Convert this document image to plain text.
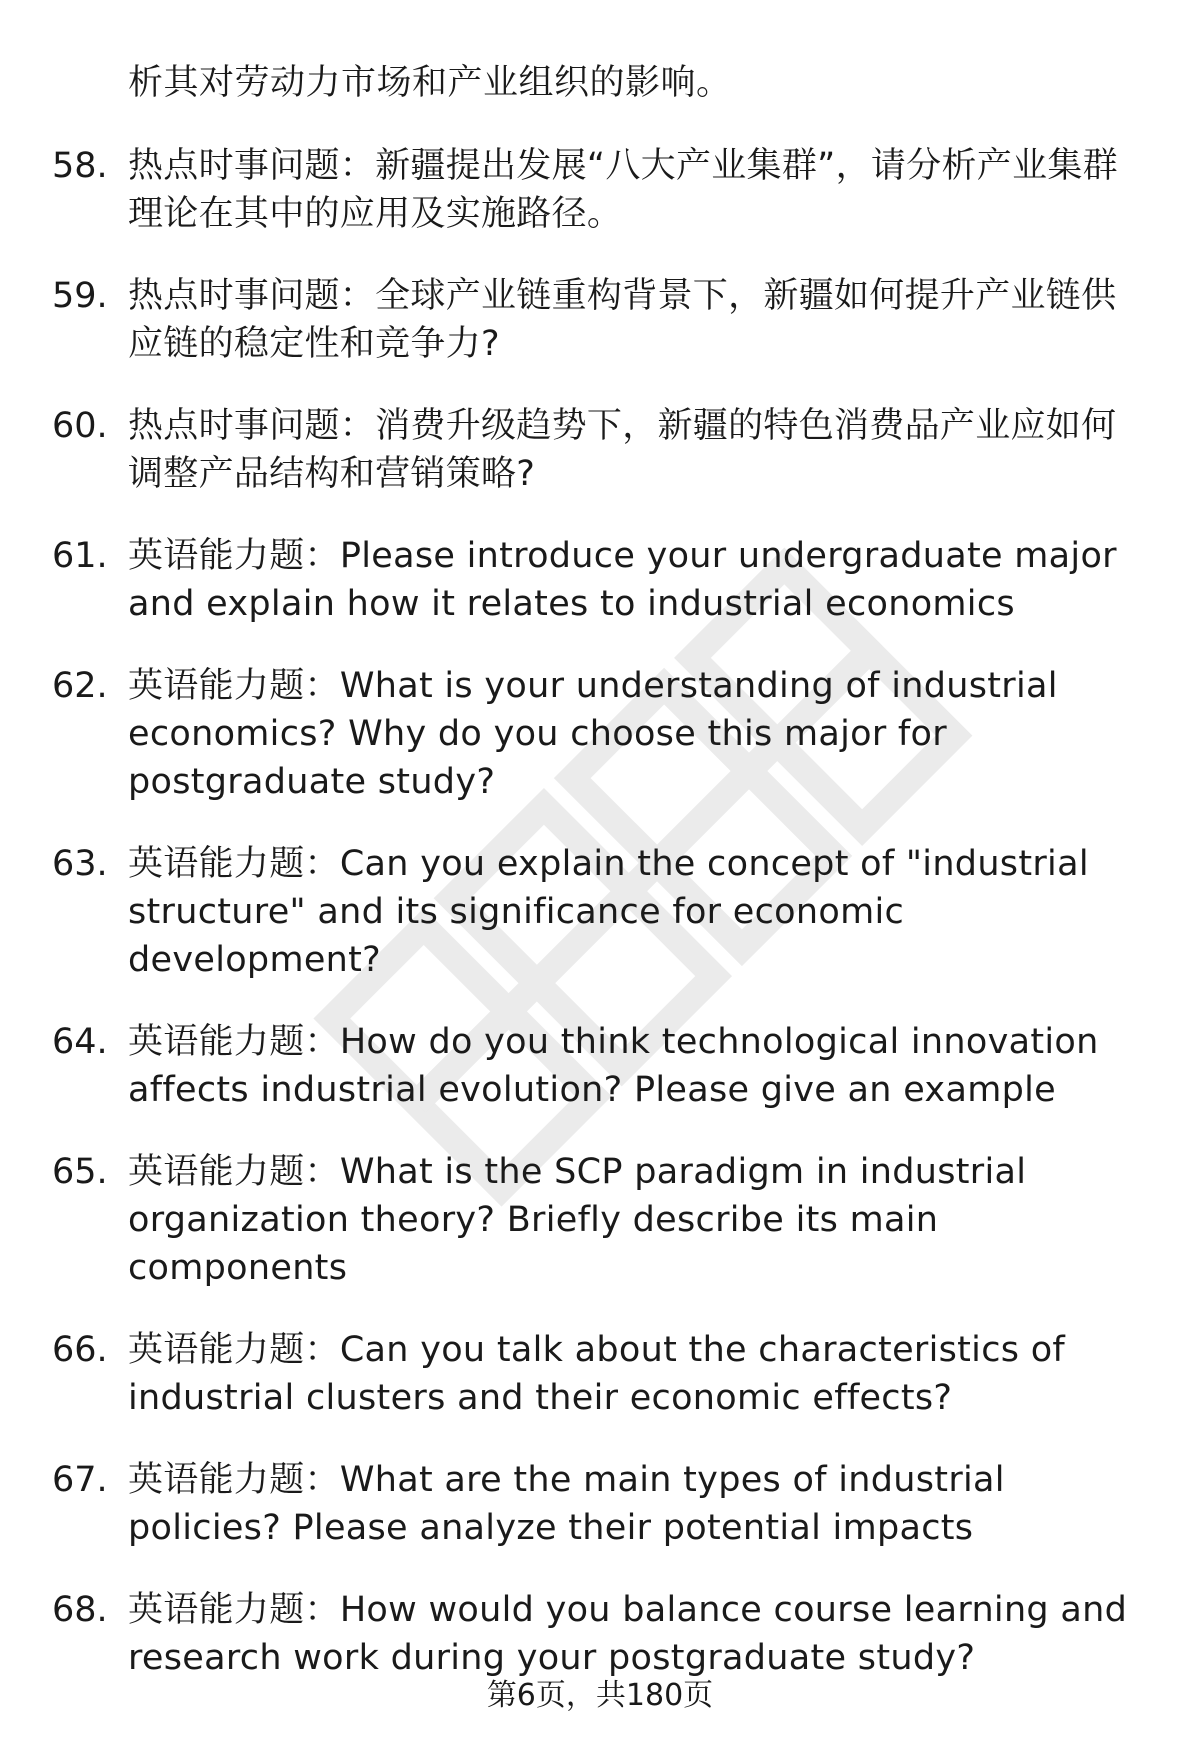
析其对劳动力市场和产业组织的影响。
58. 热点时事问题：新疆提出发展“八大产业集群”，请分析产业集群理论在其中的应用及实施路径。
59. 热点时事问题：全球产业链重构背景下，新疆如何提升产业链供应链的稳定性和竞争力?
60. 热点时事问题：消费升级趋势下，新疆的特色消费品产业应如何调整产品结构和营销策略?
61. 英语能力题：Please introduce your undergraduate major and explain how it relates to industrial economics
62. 英语能力题：What is your understanding of industrial economics? Why do you choose this major for postgraduate study?
63. 英语能力题：Can you explain the concept of "industrial structure" and its significance for economic development?
64. 英语能力题：How do you think technological innovation affects industrial evolution? Please give an example
65. 英语能力题：What is the SCP paradigm in industrial organization theory? Briefly describe its main components
66. 英语能力题：Can you talk about the characteristics of industrial clusters and their economic effects?
67. 英语能力题：What are the main types of industrial policies? Please analyze their potential impacts
68. 英语能力题：How would you balance course learning and research work during your postgraduate study?
第6页，共180页
